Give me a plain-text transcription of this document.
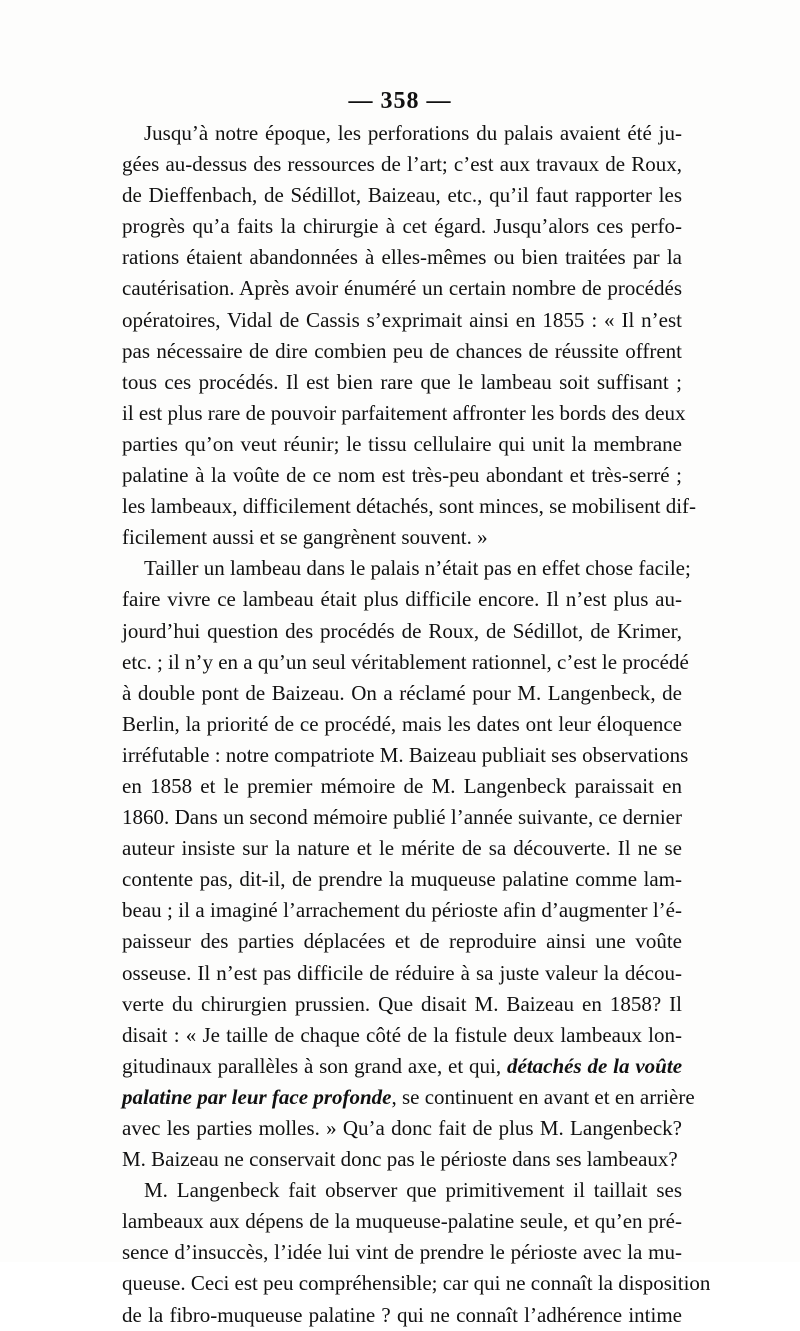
— 358 —
Jusqu’à notre époque, les perforations du palais avaient été ju-
gées au-dessus des ressources de l’art; c’est aux travaux de Roux,
de Dieffenbach, de Sédillot, Baizeau, etc., qu’il faut rapporter les
progrès qu’a faits la chirurgie à cet égard. Jusqu’alors ces perfo-
rations étaient abandonnées à elles-mêmes ou bien traitées par la
cautérisation. Après avoir énuméré un certain nombre de procédés
opératoires, Vidal de Cassis s’exprimait ainsi en 1855 : « Il n’est
pas nécessaire de dire combien peu de chances de réussite offrent
tous ces procédés. Il est bien rare que le lambeau soit suffisant ;
il est plus rare de pouvoir parfaitement affronter les bords des deux
parties qu’on veut réunir; le tissu cellulaire qui unit la membrane
palatine à la voûte de ce nom est très-peu abondant et très-serré ;
les lambeaux, difficilement détachés, sont minces, se mobilisent dif-
ficilement aussi et se gangrènent souvent. »
Tailler un lambeau dans le palais n’était pas en effet chose facile;
faire vivre ce lambeau était plus difficile encore. Il n’est plus au-
jourd’hui question des procédés de Roux, de Sédillot, de Krimer,
etc. ; il n’y en a qu’un seul véritablement rationnel, c’est le procédé
à double pont de Baizeau. On a réclamé pour M. Langenbeck, de
Berlin, la priorité de ce procédé, mais les dates ont leur éloquence
irréfutable : notre compatriote M. Baizeau publiait ses observations
en 1858 et le premier mémoire de M. Langenbeck paraissait en
1860. Dans un second mémoire publié l’année suivante, ce dernier
auteur insiste sur la nature et le mérite de sa découverte. Il ne se
contente pas, dit-il, de prendre la muqueuse palatine comme lam-
beau ; il a imaginé l’arrachement du périoste afin d’augmenter l’é-
paisseur des parties déplacées et de reproduire ainsi une voûte
osseuse. Il n’est pas difficile de réduire à sa juste valeur la décou-
verte du chirurgien prussien. Que disait M. Baizeau en 1858? Il
disait : « Je taille de chaque côté de la fistule deux lambeaux lon-
gitudinaux parallèles à son grand axe, et qui, détachés de la voûte
palatine par leur face profonde, se continuent en avant et en arrière
avec les parties molles. » Qu’a donc fait de plus M. Langenbeck?
M. Baizeau ne conservait donc pas le périoste dans ses lambeaux?
M. Langenbeck fait observer que primitivement il taillait ses
lambeaux aux dépens de la muqueuse-palatine seule, et qu’en pré-
sence d’insuccès, l’idée lui vint de prendre le périoste avec la mu-
queuse. Ceci est peu compréhensible; car qui ne connaît la disposition
de la fibro-muqueuse palatine ? qui ne connaît l’adhérence intime
